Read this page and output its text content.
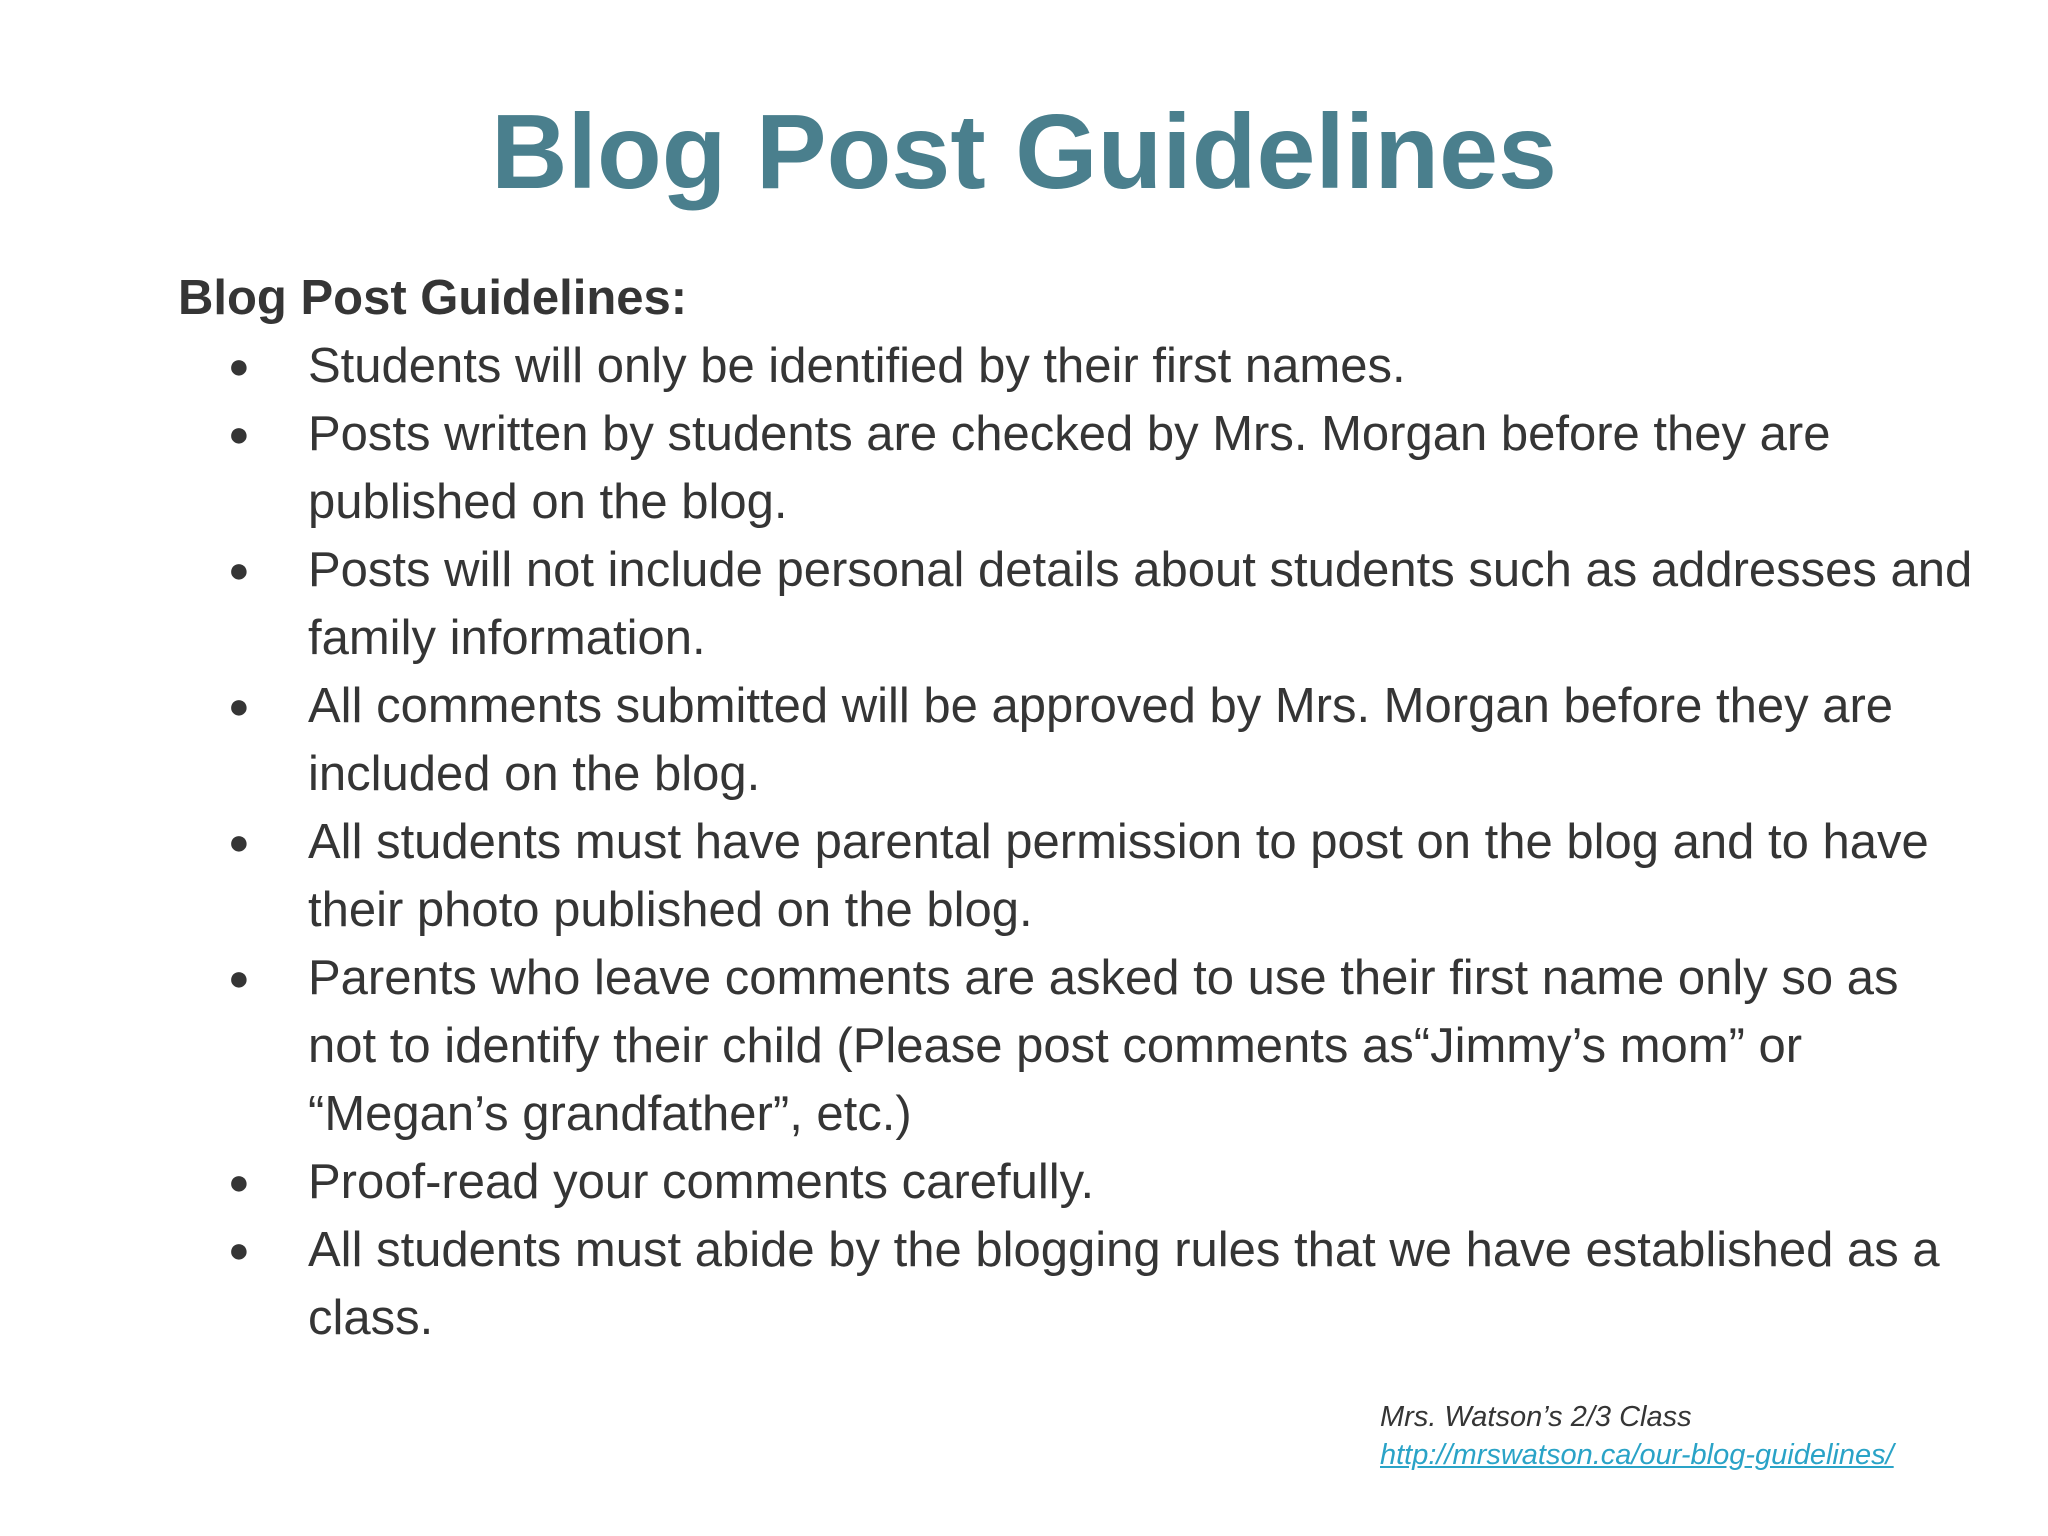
Blog Post Guidelines

Blog Post Guidelines:

●	Students will only be identified by their first names.
●	Posts written by students are checked by Mrs. Morgan before they are published on the blog.
●	Posts will not include personal details about students such as addresses and family information.
●	All comments submitted will be approved by Mrs. Morgan before they are included on the blog.
●	All students must have parental permission to post on the blog and to have their photo published on the blog.
●	Parents who leave comments are asked to use their first name only so as not to identify their child (Please post comments as“Jimmy’s mom” or “Megan’s grandfather”, etc.)
●	Proof-read your comments carefully.
●	All students must abide by the blogging rules that we have established as a class.
Mrs. Watson’s 2/3 Class http://mrswatson.ca/our-blog-guidelines/
